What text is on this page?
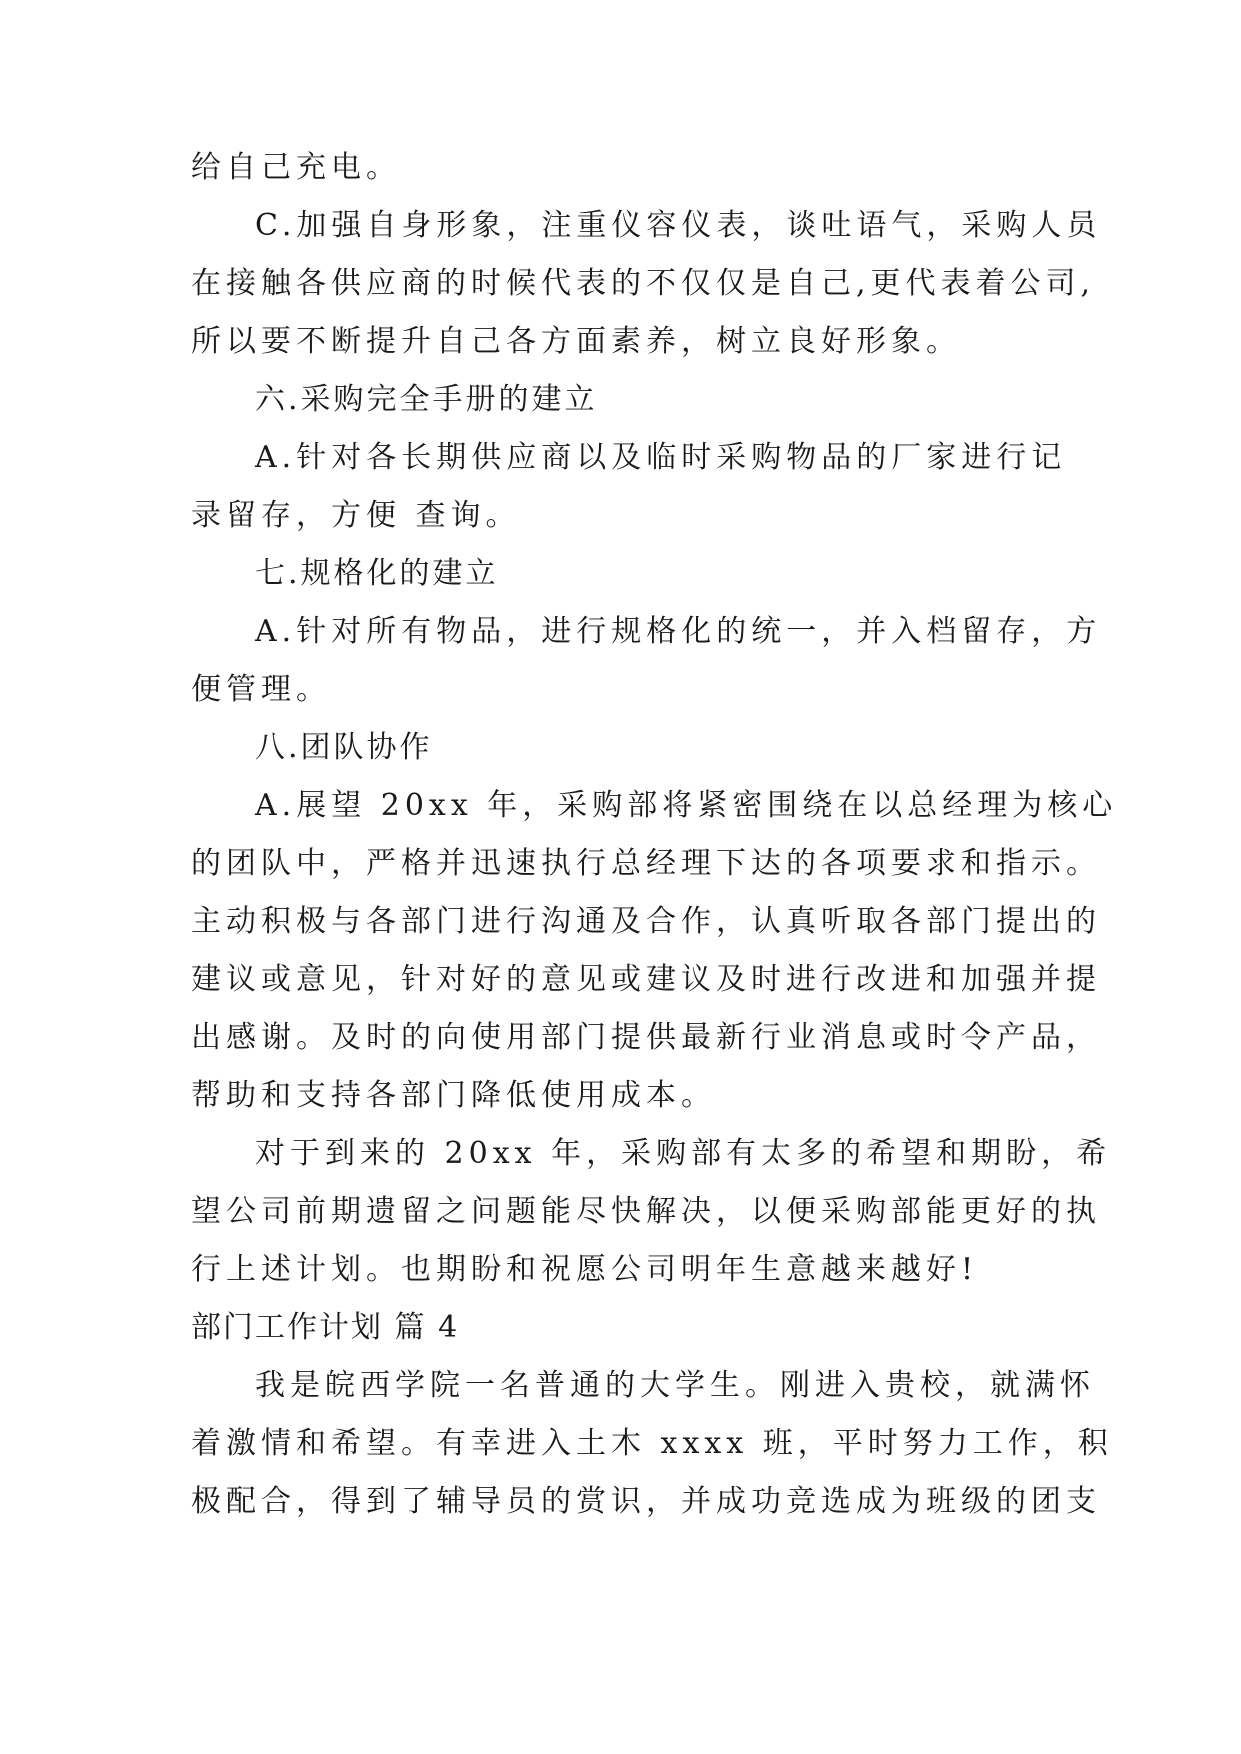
给自己充电。
C.加强自身形象，注重仪容仪表，谈吐语气，采购人员
在接触各供应商的时候代表的不仅仅是自己,更代表着公司,
所以要不断提升自己各方面素养，树立良好形象。
六.采购完全手册的建立
A.针对各长期供应商以及临时采购物品的厂家进行记
录留存，方便 查询。
七.规格化的建立
A.针对所有物品，进行规格化的统一，并入档留存，方
便管理。
八.团队协作
A.展望 20xx 年，采购部将紧密围绕在以总经理为核心
的团队中，严格并迅速执行总经理下达的各项要求和指示。
主动积极与各部门进行沟通及合作，认真听取各部门提出的
建议或意见，针对好的意见或建议及时进行改进和加强并提
出感谢。及时的向使用部门提供最新行业消息或时令产品，
帮助和支持各部门降低使用成本。
对于到来的 20xx 年，采购部有太多的希望和期盼，希
望公司前期遗留之问题能尽快解决，以便采购部能更好的执
行上述计划。也期盼和祝愿公司明年生意越来越好!
部门工作计划 篇 4
我是皖西学院一名普通的大学生。刚进入贵校，就满怀
着激情和希望。有幸进入土木 xxxx 班，平时努力工作，积
极配合，得到了辅导员的赏识，并成功竞选成为班级的团支
